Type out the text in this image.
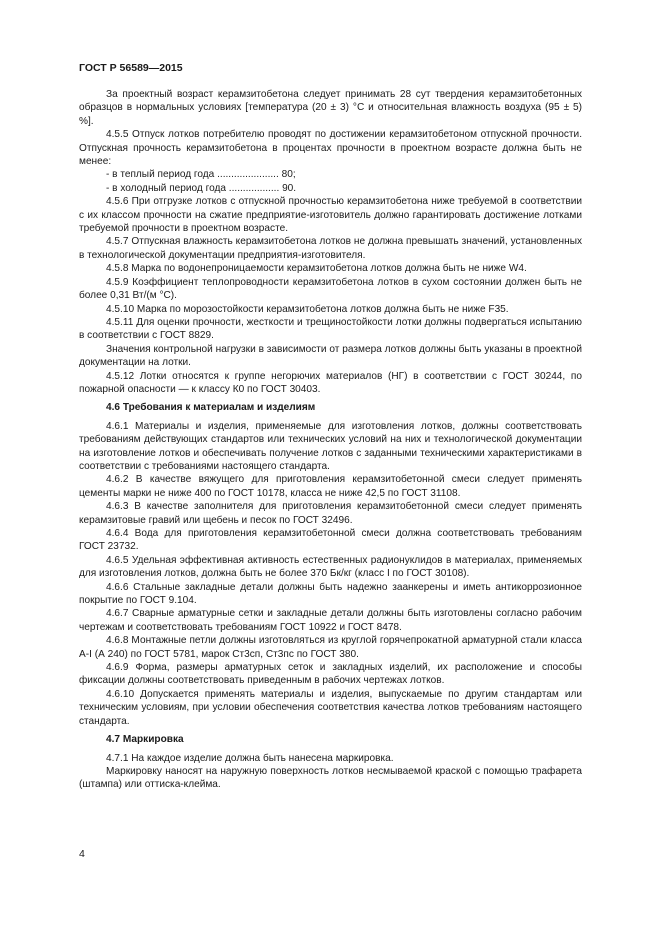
ГОСТ Р 56589—2015

За проектный возраст керамзитобетона следует принимать 28 сут твердения керамзитобетонных образцов в нормальных условиях [температура (20 ± 3) °С и относительная влажность воздуха (95 ± 5) %].

4.5.5 Отпуск лотков потребителю проводят по достижении керамзитобетоном отпускной прочности. Отпускная прочность керамзитобетона в процентах прочности в проектном возрасте должна быть не менее:

- в теплый период года ...................... 80;

- в холодный период года .................. 90.

4.5.6 При отгрузке лотков с отпускной прочностью керамзитобетона ниже требуемой в соответствии с их классом прочности на сжатие предприятие-изготовитель должно гарантировать достижение лотками требуемой прочности в проектном возрасте.

4.5.7 Отпускная влажность керамзитобетона лотков не должна превышать значений, установленных в технологической документации предприятия-изготовителя.

4.5.8 Марка по водонепроницаемости керамзитобетона лотков должна быть не ниже W4.

4.5.9 Коэффициент теплопроводности керамзитобетона лотков в сухом состоянии должен быть не более 0,31 Вт/(м °С).

4.5.10 Марка по морозостойкости керамзитобетона лотков должна быть не ниже F35.

4.5.11 Для оценки прочности, жесткости и трещиностойкости лотки должны подвергаться испытанию в соответствии с ГОСТ 8829.

Значения контрольной нагрузки в зависимости от размера лотков должны быть указаны в проектной документации на лотки.

4.5.12 Лотки относятся к группе негорючих материалов (НГ) в соответствии с ГОСТ 30244, по пожарной опасности — к классу К0 по ГОСТ 30403.

4.6 Требования к материалам и изделиям

4.6.1 Материалы и изделия, применяемые для изготовления лотков, должны соответствовать требованиям действующих стандартов или технических условий на них и технологической документации на изготовление лотков и обеспечивать получение лотков с заданными техническими характеристиками в соответствии с требованиями настоящего стандарта.

4.6.2 В качестве вяжущего для приготовления керамзитобетонной смеси следует применять цементы марки не ниже 400 по ГОСТ 10178, класса не ниже 42,5 по ГОСТ 31108.

4.6.3 В качестве заполнителя для приготовления керамзитобетонной смеси следует применять керамзитовые гравий или щебень и песок по ГОСТ 32496.

4.6.4 Вода для приготовления керамзитобетонной смеси должна соответствовать требованиям ГОСТ 23732.

4.6.5 Удельная эффективная активность естественных радионуклидов в материалах, применяемых для изготовления лотков, должна быть не более 370 Бк/кг (класс I по ГОСТ 30108).

4.6.6 Стальные закладные детали должны быть надежно заанкерены и иметь антикоррозионное покрытие по ГОСТ 9.104.

4.6.7 Сварные арматурные сетки и закладные детали должны быть изготовлены согласно рабочим чертежам и соответствовать требованиям ГОСТ 10922 и ГОСТ 8478.

4.6.8 Монтажные петли должны изготовляться из круглой горячепрокатной арматурной стали класса А-I (А 240) по ГОСТ 5781, марок Ст3сп, Ст3пс по ГОСТ 380.

4.6.9 Форма, размеры арматурных сеток и закладных изделий, их расположение и способы фиксации должны соответствовать приведенным в рабочих чертежах лотков.

4.6.10 Допускается применять материалы и изделия, выпускаемые по другим стандартам или техническим условиям, при условии обеспечения соответствия качества лотков требованиям настоящего стандарта.

4.7 Маркировка

4.7.1 На каждое изделие должна быть нанесена маркировка.

Маркировку наносят на наружную поверхность лотков несмываемой краской с помощью трафарета (штампа) или оттиска-клейма.

4
